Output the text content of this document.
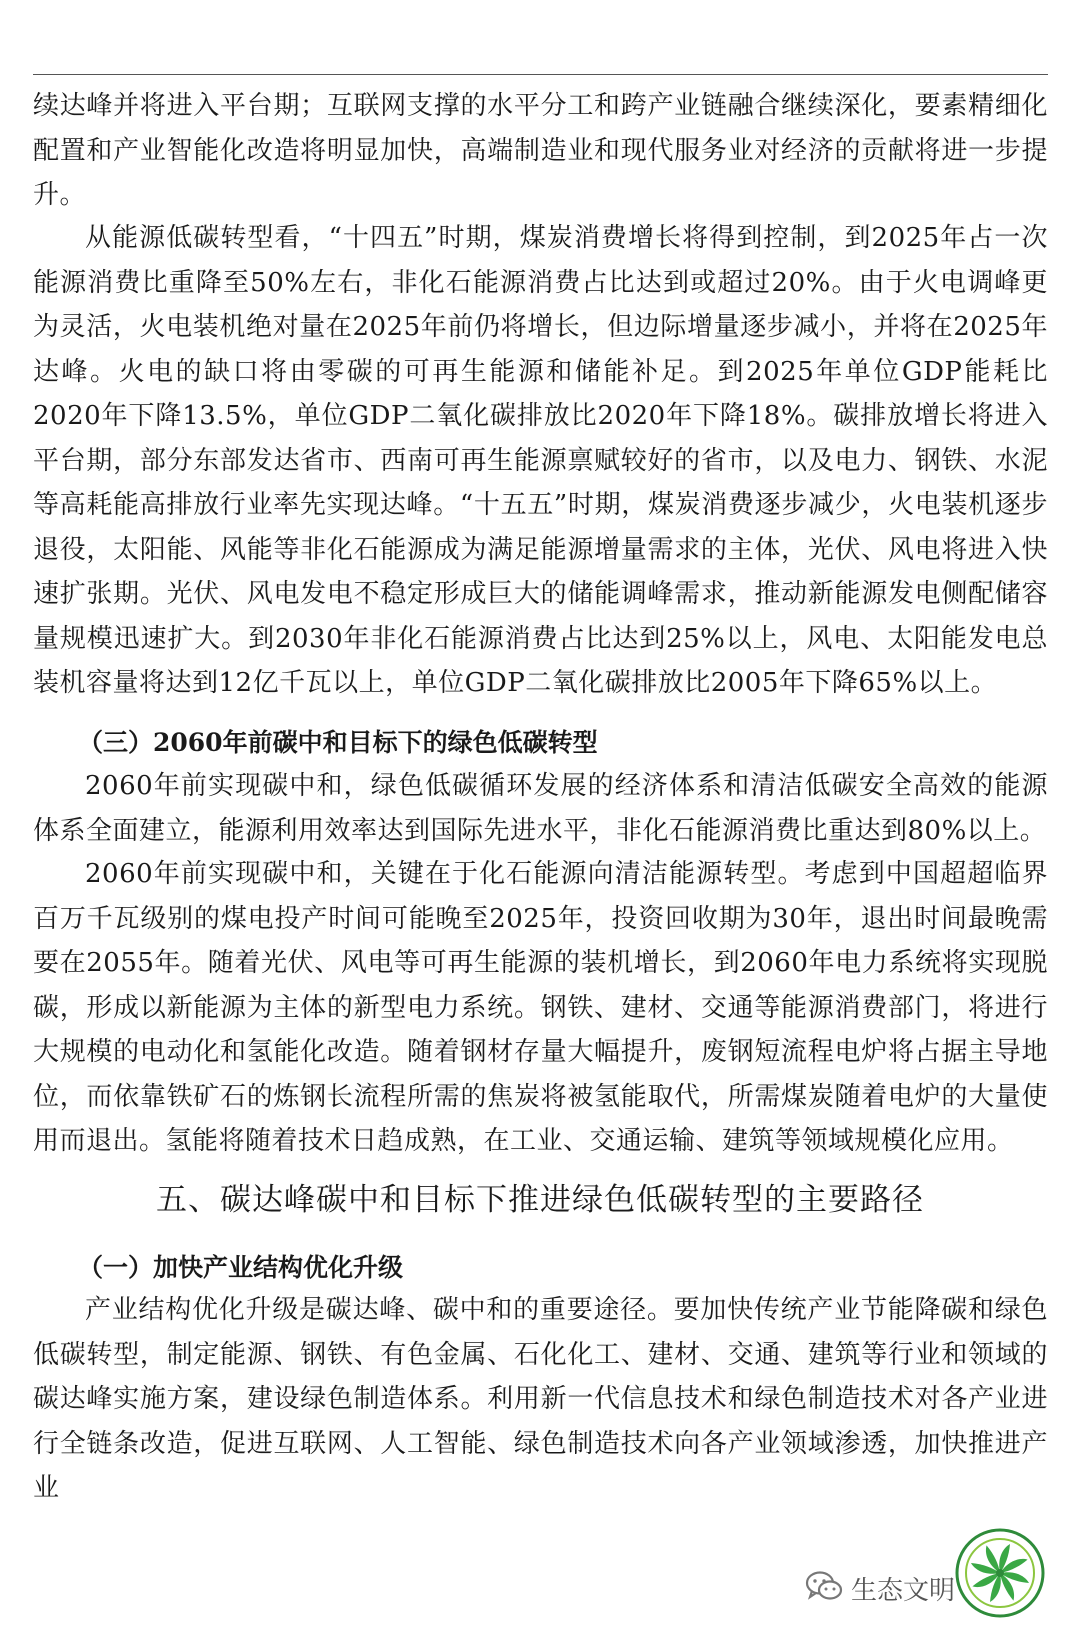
续达峰并将进入平台期；互联网支撑的水平分工和跨产业链融合继续深化，要素精细化配置和产业智能化改造将明显加快，高端制造业和现代服务业对经济的贡献将进一步提升。

从能源低碳转型看，“十四五”时期，煤炭消费增长将得到控制，到2025年占一次能源消费比重降至50%左右，非化石能源消费占比达到或超过20%。由于火电调峰更为灵活，火电装机绝对量在2025年前仍将增长，但边际增量逐步减小，并将在2025年达峰。火电的缺口将由零碳的可再生能源和储能补足。到2025年单位GDP能耗比2020年下降13.5%，单位GDP二氧化碳排放比2020年下降18%。碳排放增长将进入平台期，部分东部发达省市、西南可再生能源禀赋较好的省市，以及电力、钢铁、水泥等高耗能高排放行业率先实现达峰。“十五五”时期，煤炭消费逐步减少，火电装机逐步退役，太阳能、风能等非化石能源成为满足能源增量需求的主体，光伏、风电将进入快速扩张期。光伏、风电发电不稳定形成巨大的储能调峰需求，推动新能源发电侧配储容量规模迅速扩大。到2030年非化石能源消费占比达到25%以上，风电、太阳能发电总装机容量将达到12亿千瓦以上，单位GDP二氧化碳排放比2005年下降65%以上。

（三）2060年前碳中和目标下的绿色低碳转型

2060年前实现碳中和，绿色低碳循环发展的经济体系和清洁低碳安全高效的能源体系全面建立，能源利用效率达到国际先进水平，非化石能源消费比重达到80%以上。

2060年前实现碳中和，关键在于化石能源向清洁能源转型。考虑到中国超超临界百万千瓦级别的煤电投产时间可能晚至2025年，投资回收期为30年，退出时间最晚需要在2055年。随着光伏、风电等可再生能源的装机增长，到2060年电力系统将实现脱碳，形成以新能源为主体的新型电力系统。钢铁、建材、交通等能源消费部门，将进行大规模的电动化和氢能化改造。随着钢材存量大幅提升，废钢短流程电炉将占据主导地位，而依靠铁矿石的炼钢长流程所需的焦炭将被氢能取代，所需煤炭随着电炉的大量使用而退出。氢能将随着技术日趋成熟，在工业、交通运输、建筑等领域规模化应用。

五、碳达峰碳中和目标下推进绿色低碳转型的主要路径

（一）加快产业结构优化升级

产业结构优化升级是碳达峰、碳中和的重要途径。要加快传统产业节能降碳和绿色低碳转型，制定能源、钢铁、有色金属、石化化工、建材、交通、建筑等行业和领域的碳达峰实施方案，建设绿色制造体系。利用新一代信息技术和绿色制造技术对各产业进行全链条改造，促进互联网、人工智能、绿色制造技术向各产业领域渗透，加快推进产业

生态文明
